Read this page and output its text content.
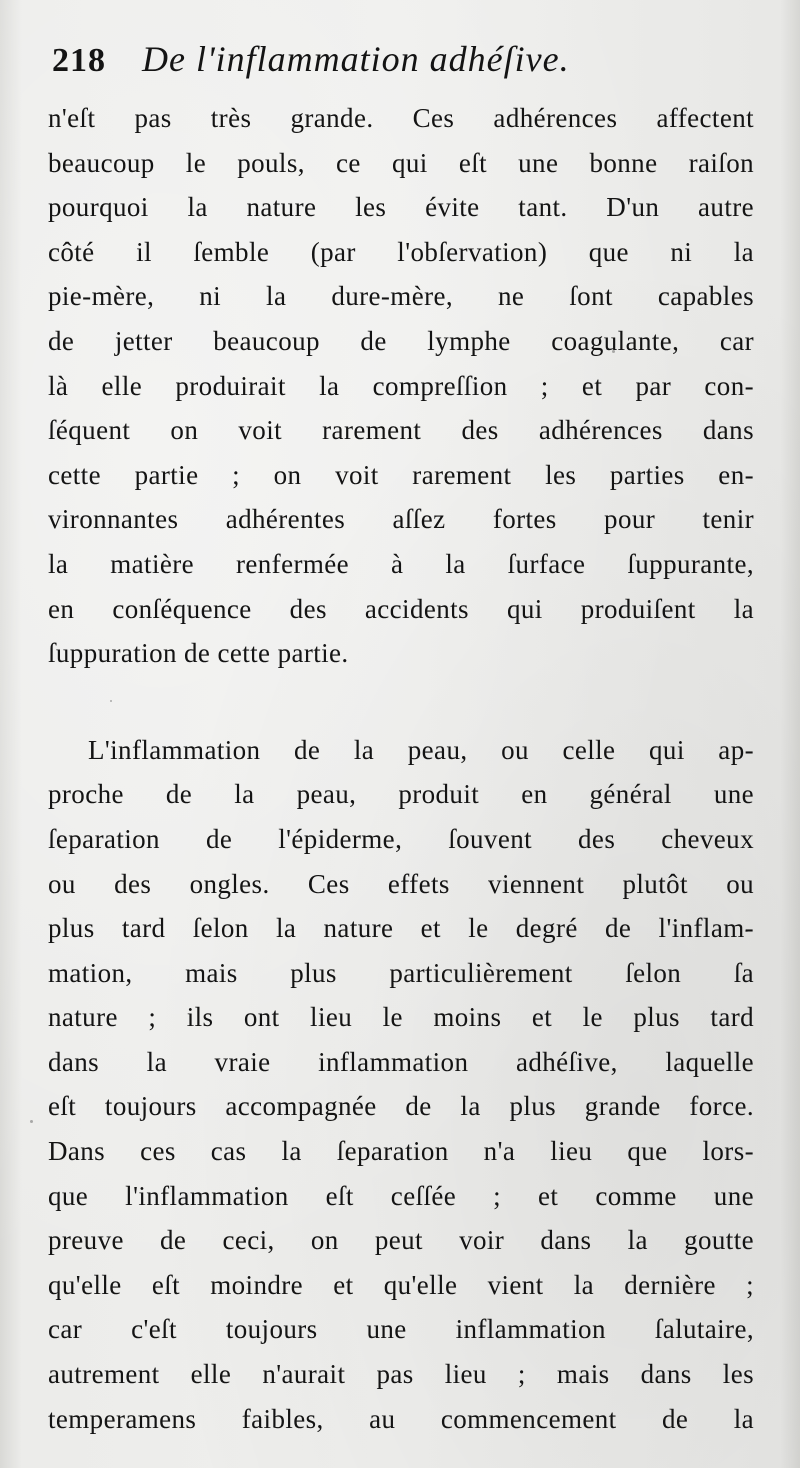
218 De l'inflammation adhéſive.
n'eſt pas très grande. Ces adhérences affectent
beaucoup le pouls, ce qui eſt une bonne raiſon
pourquoi la nature les évite tant. D'un autre
côté il ſemble (par l'obſervation) que ni la
pie-mère, ni la dure-mère, ne ſont capables
de jetter beaucoup de lymphe coagulante, car
là elle produirait la compreſſion ; et par con-
ſéquent on voit rarement des adhérences dans
cette partie ; on voit rarement les parties en-
vironnantes adhérentes aſſez fortes pour tenir
la matière renfermée à la ſurface ſuppurante,
en conſéquence des accidents qui produiſent la
ſuppuration de cette partie.
L'inflammation de la peau, ou celle qui ap-
proche de la peau, produit en général une
ſeparation de l'épiderme, ſouvent des cheveux
ou des ongles. Ces effets viennent plutôt ou
plus tard ſelon la nature et le degré de l'inflam-
mation, mais plus particulièrement ſelon ſa
nature ; ils ont lieu le moins et le plus tard
dans la vraie inflammation adhéſive, laquelle
eſt toujours accompagnée de la plus grande force.
Dans ces cas la ſeparation n'a lieu que lors-
que l'inflammation eſt ceſſée ; et comme une
preuve de ceci, on peut voir dans la goutte
qu'elle eſt moindre et qu'elle vient la dernière ;
car c'eſt toujours une inflammation ſalutaire,
autrement elle n'aurait pas lieu ; mais dans les
temperamens faibles, au commencement de la
